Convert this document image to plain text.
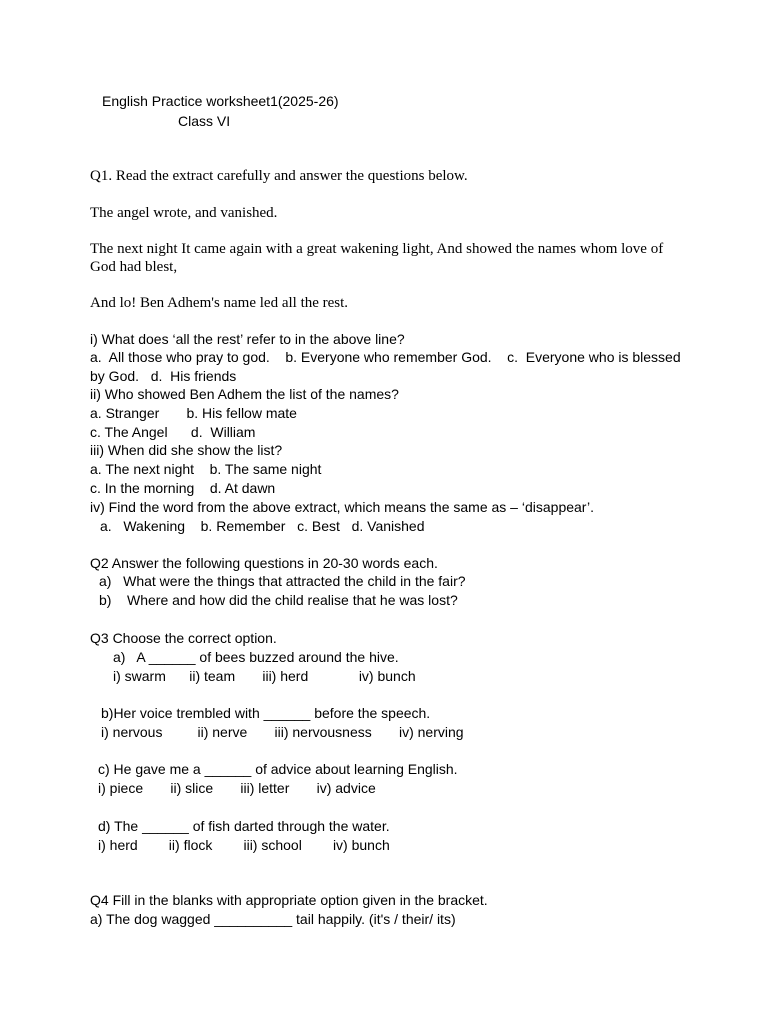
English Practice worksheet1(2025-26)
Class VI
Q1. Read the extract carefully and answer the questions below.
The angel wrote, and vanished.
The next night It came again with a great wakening light, And showed the names whom love of
God had blest,
And lo! Ben Adhem's name led all the rest.
i) What does ‘all the rest’ refer to in the above line?
a.  All those who pray to god.    b. Everyone who remember God.    c.  Everyone who is blessed
by God.   d.  His friends
ii) Who showed Ben Adhem the list of the names?
a. Stranger       b. His fellow mate
c. The Angel      d.  William
iii) When did she show the list?
a. The next night    b. The same night
c. In the morning    d. At dawn
iv) Find the word from the above extract, which means the same as – ‘disappear’.
a.   Wakening    b. Remember   c. Best   d. Vanished
Q2 Answer the following questions in 20-30 words each.
a)   What were the things that attracted the child in the fair?
b)    Where and how did the child realise that he was lost?
Q3 Choose the correct option.
a)   A ______ of bees buzzed around the hive.
i) swarm      ii) team       iii) herd             iv) bunch
b)Her voice trembled with ______ before the speech.
i) nervous         ii) nerve       iii) nervousness       iv) nerving
c) He gave me a ______ of advice about learning English.
i) piece       ii) slice       iii) letter       iv) advice
d) The ______ of fish darted through the water.
i) herd        ii) flock        iii) school        iv) bunch
Q4 Fill in the blanks with appropriate option given in the bracket.
a) The dog wagged __________ tail happily. (it's / their/ its)
